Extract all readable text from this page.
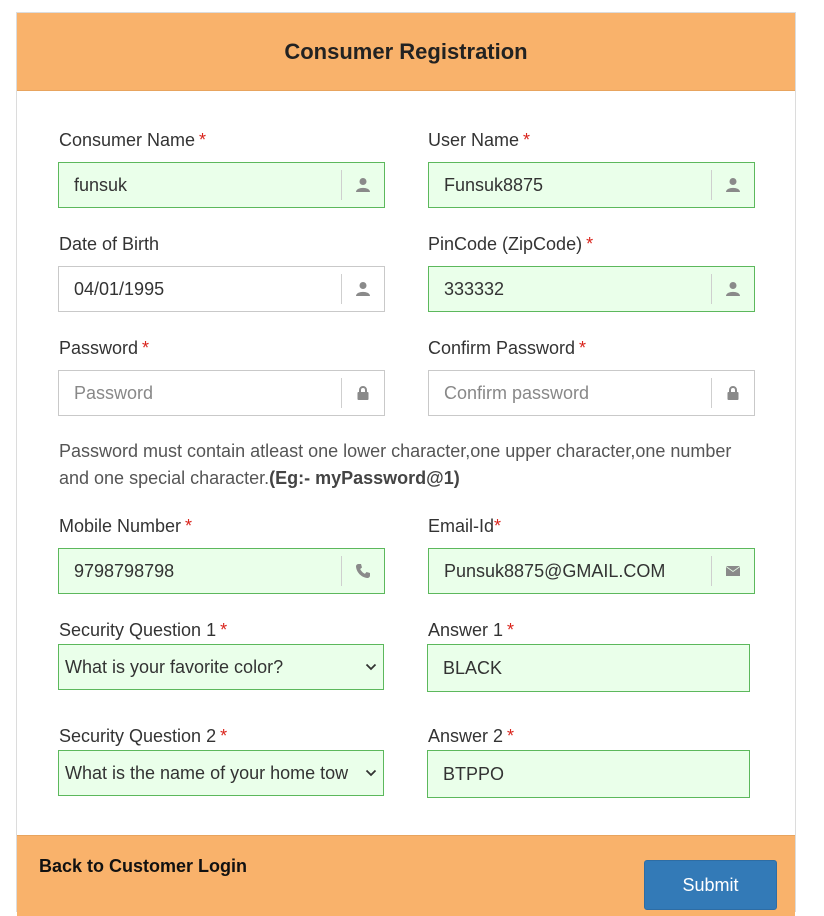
Consumer Registration
Consumer Name *
funsuk
User Name *
Funsuk8875
Date of Birth
04/01/1995
PinCode (ZipCode) *
333332
Password *	Confirm Password *
Password must contain atleast one lower character,one upper character,one number and one special character.(Eg:- myPassword@1)
Mobile Number *
9798798798
Email-Id*
Punsuk8875@GMAIL.COM
Security Question 1 *
What is your favorite color?
Answer 1 *
BLACK
Security Question 2 *
What is the name of your home tow
Answer 2 *
BTPPO
Back to Customer Login
Submit
